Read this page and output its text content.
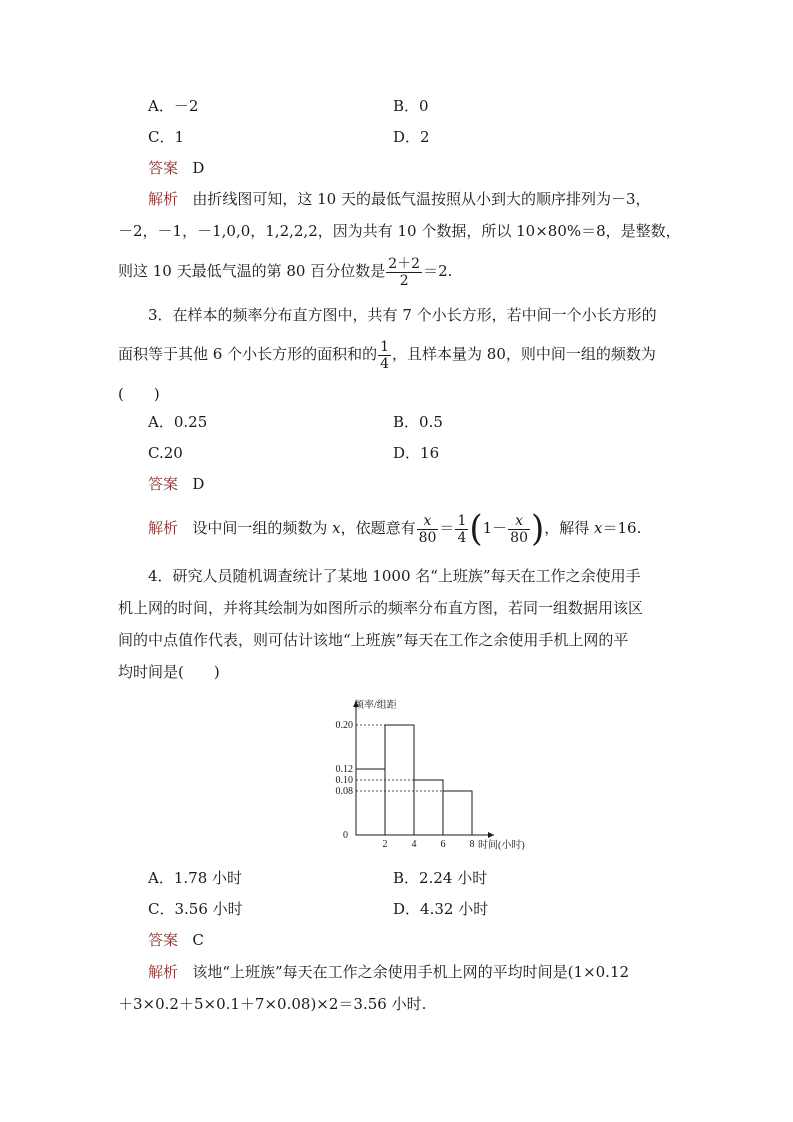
A．－2	B．0
C．1	D．2
答案 D
解析 由折线图可知，这 10 天的最低气温按照从小到大的顺序排列为－3，
－2，－1，－1,0,0，1,2,2,2，因为共有 10 个数据，所以 10×80%＝8，是整数，
则这 10 天最低气温的第 80 百分位数是 $\frac{2+2}{2} =2$.
3．在样本的频率分布直方图中，共有 7 个小长方形，若中间一个小长方形的
面积等于其他 6 个小长方形的面积和的 $\frac{1}{4}$ ，且样本量为 80，则中间一组的频数为
(　　)
A．0.25	B．0.5
C.20	D．16
答案 D
解析 设中间一组的频数为 x，依题意有 $\frac{x}{80} = \frac{1}{4} (1- \frac{x}{80}$ )，解得 x＝16.
4．研究人员随机调查统计了某地 1000 名“上班族”每天在工作之余使用手
机上网的时间，并将其绘制为如图所示的频率分布直方图，若同一组数据用该区
间的中点值作代表，则可估计该地“上班族”每天在工作之余使用手机上网的平
均时间是(　　)
0.20
0.12
0.10
0.08
2 4 6 8
0
频率/组距
时间(小时)
A．1.78 小时	B．2.24 小时
C．3.56 小时	D．4.32 小时
答案 C
解析 该地“上班族”每天在工作之余使用手机上网的平均时间是(1×0.12
＋3×0.2＋5×0.1＋7×0.08)×2＝3.56 小时.
